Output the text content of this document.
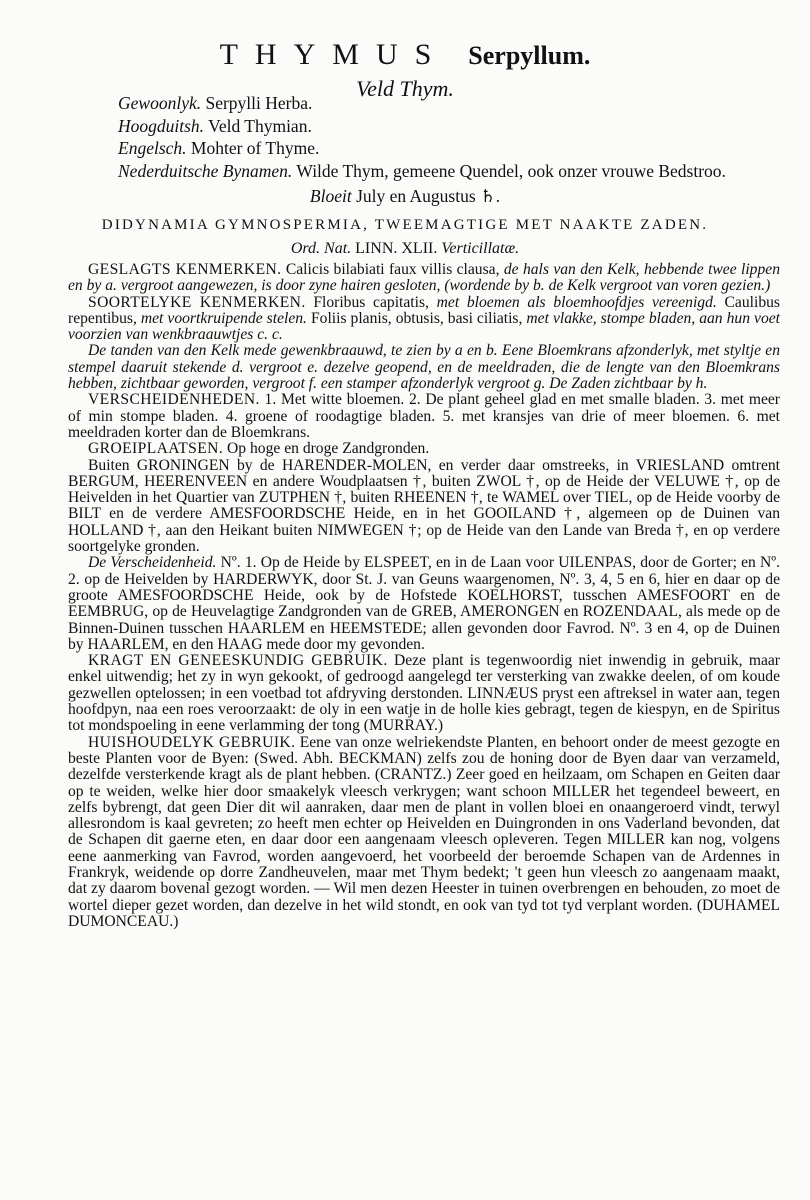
THYMUS Serpyllum.
Veld Thym.
Gewoonlyk. Serpylli Herba.
Hoogduitsh. Veld Thymian.
Engelsch. Mohter of Thyme.
Nederduitsche Bynamen. Wilde Thym, gemeene Quendel, ook onzer vrouwe Bedstroo.
Bloeit July en Augustus ♄.
DIDYNAMIA GYMNOSPERMIA, TWEEMAGTIGE MET NAAKTE ZADEN.
Ord. Nat. LINN. XLII. Verticillatæ.

GESLAGTS KENMERKEN. Calicis bilabiati faux villis clausa, de hals van den Kelk, hebbende twee lippen en by a. vergroot aangewezen, is door zyne hairen gesloten, (wordende by b. de Kelk vergroot van voren gezien.)

SOORTELYKE KENMERKEN. Floribus capitatis, met bloemen als bloemhoofdjes vereenigd. Caulibus repentibus, met voortkruipende stelen. Foliis planis, obtusis, basi ciliatis, met vlakke, stompe bladen, aan hun voet voorzien van wenkbraauwtjes c. c.

De tanden van den Kelk mede gewenkbraauwd, te zien by a en b. Eene Bloemkrans afzonderlyk, met styltje en stempel daaruit stekende d. vergroot e. dezelve geopend, en de meeldraden, die de lengte van den Bloemkrans hebben, zichtbaar geworden, vergroot f. een stamper afzonderlyk vergroot g. De Zaden zichtbaar by h.

VERSCHEIDENHEDEN. 1. Met witte bloemen. 2. De plant geheel glad en met smalle bladen. 3. met meer of min stompe bladen. 4. groene of roodagtige bladen. 5. met kransjes van drie of meer bloemen. 6. met meeldraden korter dan de Bloemkrans.

GROEIPLAATSEN. Op hoge en droge Zandgronden.

Buiten GRONINGEN by de HARENDER-MOLEN, en verder daar omstreeks, in VRIESLAND omtrent BERGUM, HEERENVEEN en andere Woudplaatsen †, buiten ZWOL †, op de Heide der VELUWE †, op de Heivelden in het Quartier van ZUTPHEN †, buiten RHEENEN †, te WAMEL over TIEL, op de Heide voorby de BILT en de verdere AMESFOORDSCHE Heide, en in het GOOILAND †, algemeen op de Duinen van HOLLAND †, aan den Heikant buiten NIMWEGEN †; op de Heide van den Lande van Breda †, en op verdere soortgelyke gronden.

De Verscheidenheid. Nº. 1. Op de Heide by ELSPEET, en in de Laan voor UILENPAS, door de Gorter; en Nº. 2. op de Heivelden by HARDERWYK, door St. J. van Geuns waargenomen, Nº. 3, 4, 5 en 6, hier en daar op de groote AMESFOORDSCHE Heide, ook by de Hofstede KOELHORST, tusschen AMESFOORT en de EEMBRUG, op de Heuvelagtige Zandgronden van de GREB, AMERONGEN en ROZENDAAL, als mede op de Binnen-Duinen tusschen HAARLEM en HEEMSTEDE; allen gevonden door Favrod. Nº. 3 en 4, op de Duinen by HAARLEM, en den HAAG mede door my gevonden.

KRAGT EN GENEESKUNDIG GEBRUIK. Deze plant is tegenwoordig niet inwendig in gebruik, maar enkel uitwendig; het zy in wyn gekookt, of gedroogd aangelegd ter versterking van zwakke deelen, of om koude gezwellen optelossen; in een voetbad tot afdryving derstonden. LINNÆUS pryst een aftreksel in water aan, tegen hoofdpyn, naa een roes veroorzaakt: de oly in een watje in de holle kies gebragt, tegen de kiespyn, en de Spiritus tot mondspoeling in eene verlamming der tong (MURRAY.)

HUISHOUDELYK GEBRUIK. Eene van onze welriekendste Planten, en behoort onder de meest gezogte en beste Planten voor de Byen: (Swed. Abh. BECKMAN) zelfs zou de honing door de Byen daar van verzameld, dezelfde versterkende kragt als de plant hebben. (CRANTZ.) Zeer goed en heilzaam, om Schapen en Geiten daar op te weiden, welke hier door smaakelyk vleesch verkrygen; want schoon MILLER het tegendeel beweert, en zelfs bybrengt, dat geen Dier dit wil aanraken, daar men de plant in vollen bloei en onaangeroerd vindt, terwyl allesrondom is kaal gevreten; zo heeft men echter op Heivelden en Duingronden in ons Vaderland bevonden, dat de Schapen dit gaerne eten, en daar door een aangenaam vleesch opleveren. Tegen MILLER kan nog, volgens eene aanmerking van Favrod, worden aangevoerd, het voorbeeld der beroemde Schapen van de Ardennes in Frankryk, weidende op dorre Zandheuvelen, maar met Thym bedekt; 't geen hun vleesch zo aangenaam maakt, dat zy daarom bovenal gezogt worden. — Wil men dezen Heester in tuinen overbrengen en behouden, zo moet de wortel dieper gezet worden, dan dezelve in het wild stondt, en ook van tyd tot tyd verplant worden. (DUHAMEL DUMONCEAU.)
